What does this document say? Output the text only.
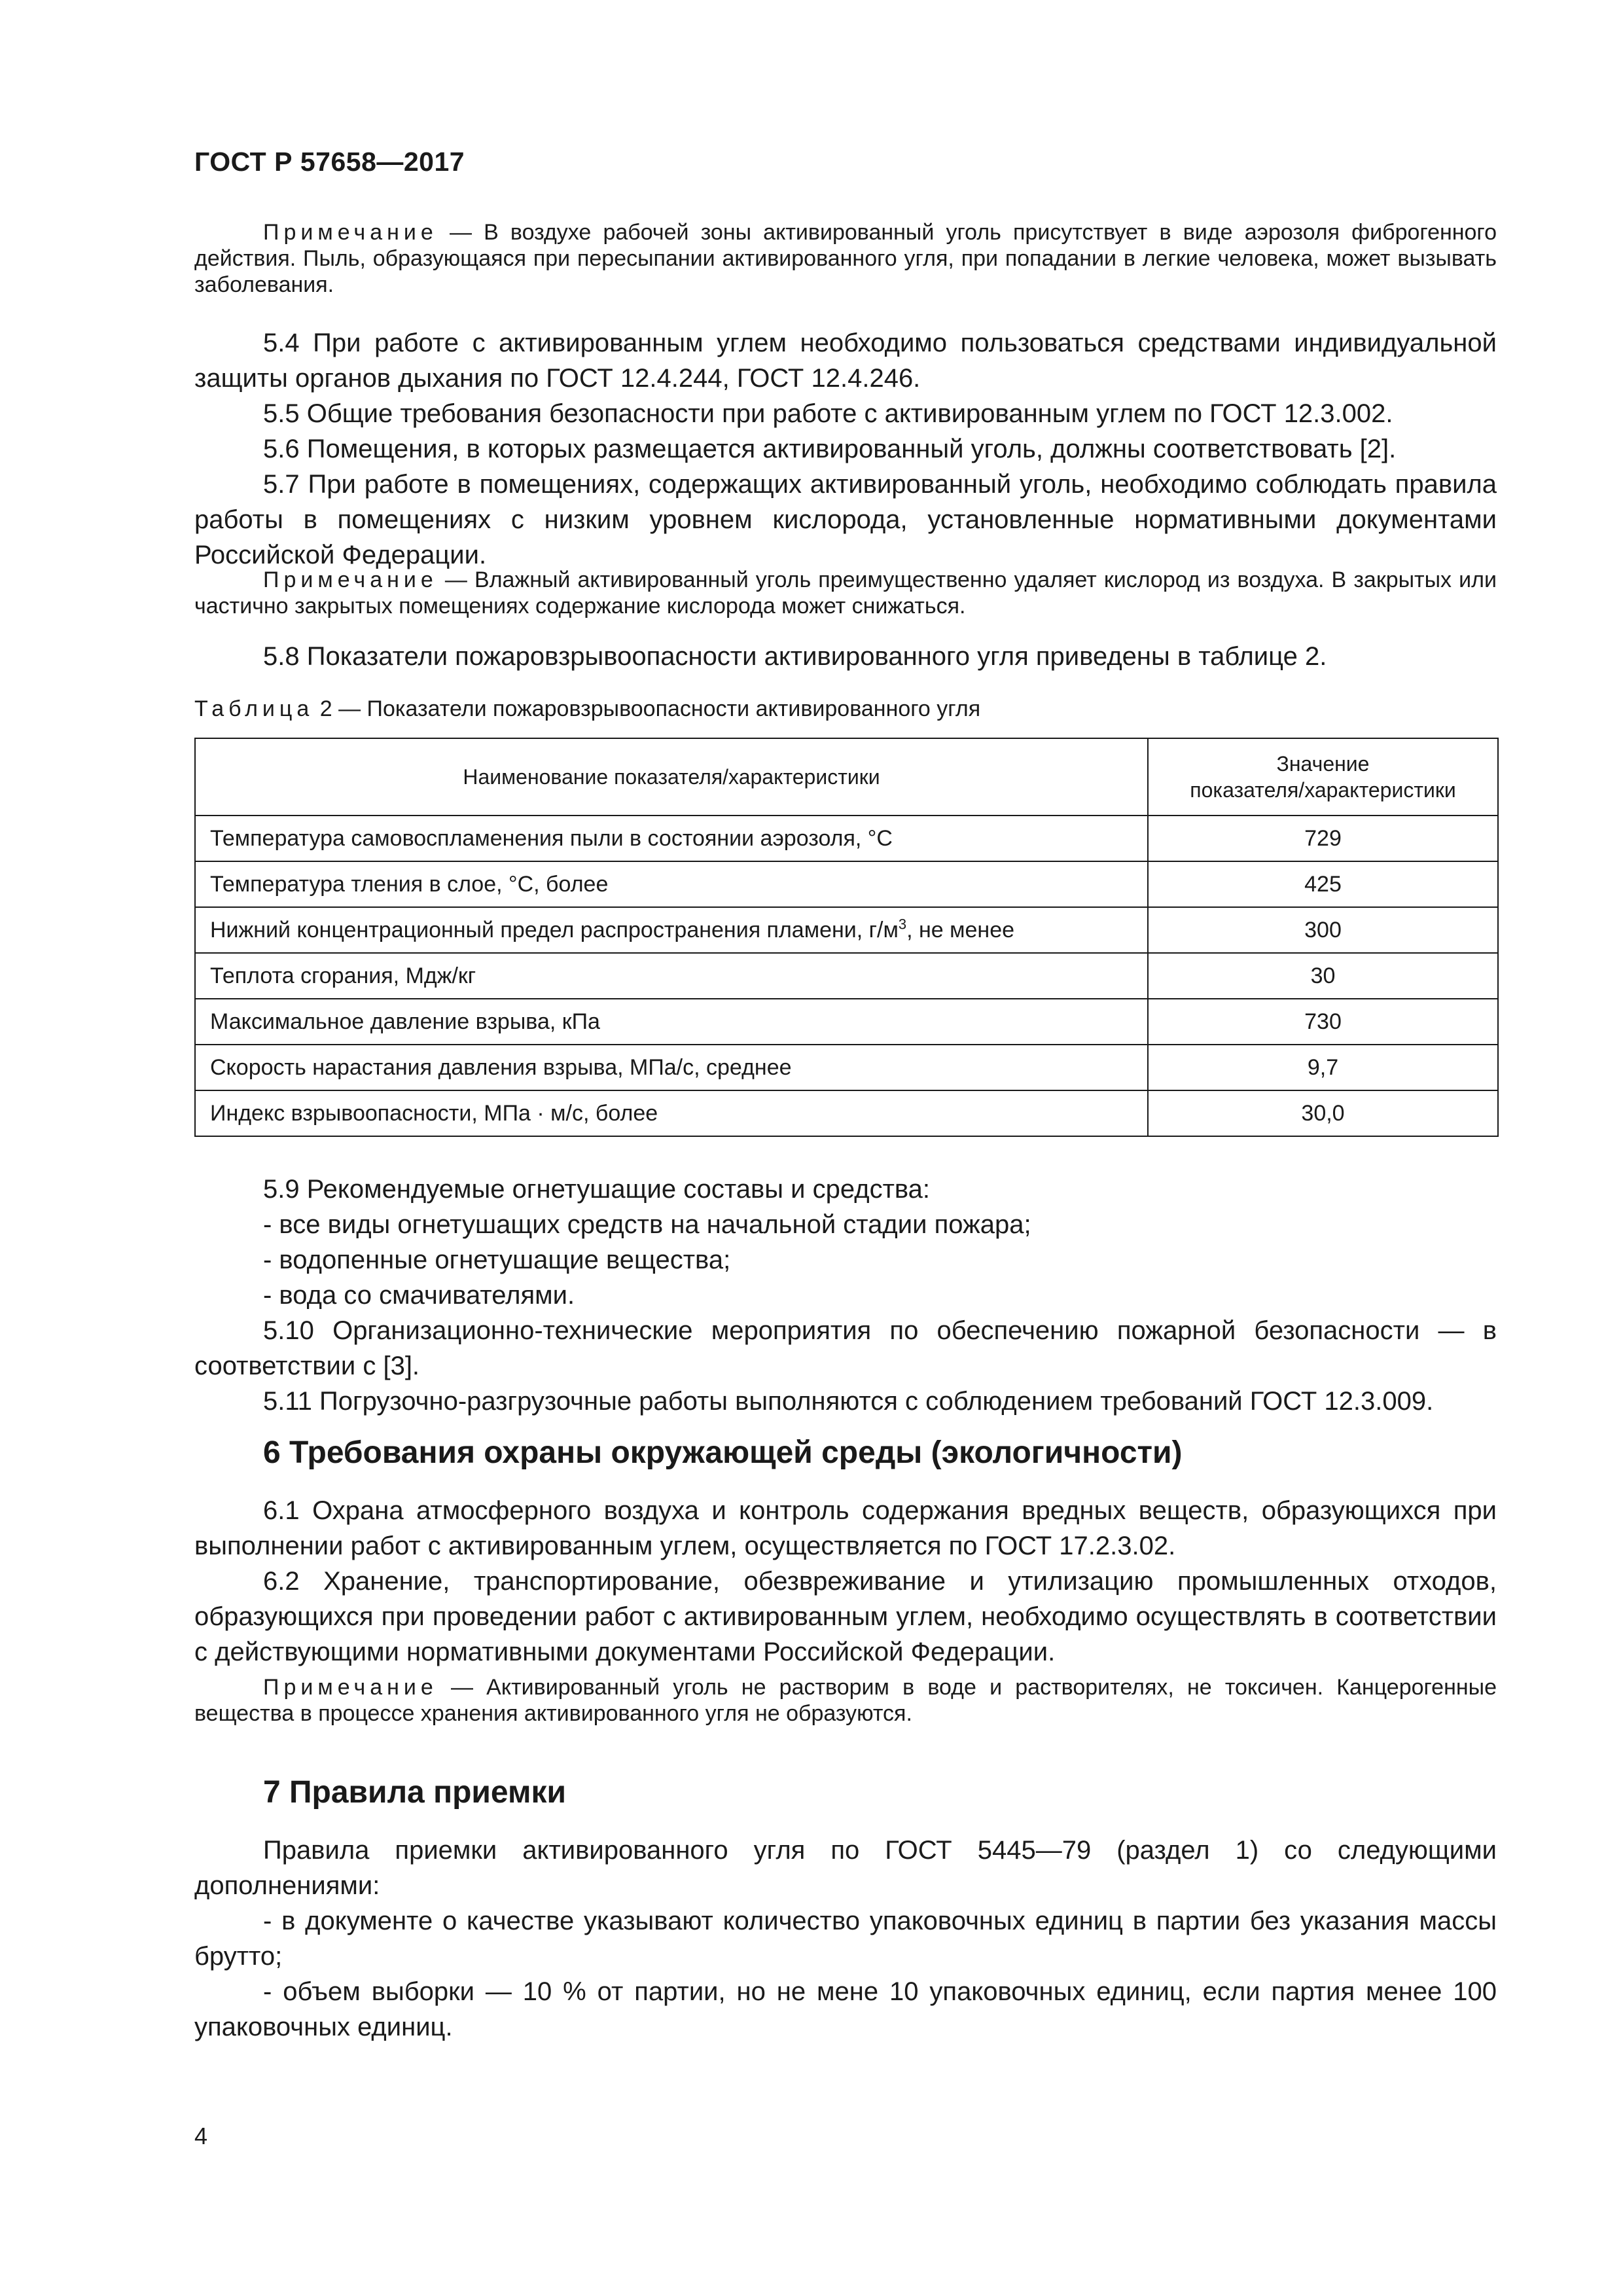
ГОСТ Р 57658—2017

Примечание — В воздухе рабочей зоны активированный уголь присутствует в виде аэрозоля фиброгенного действия. Пыль, образующаяся при пересыпании активированного угля, при попадании в легкие человека, может вызывать заболевания.

5.4 При работе с активированным углем необходимо пользоваться средствами индивидуальной защиты органов дыхания по ГОСТ 12.4.244, ГОСТ 12.4.246.

5.5 Общие требования безопасности при работе с активированным углем по ГОСТ 12.3.002.

5.6 Помещения, в которых размещается активированный уголь, должны соответствовать [2].

5.7 При работе в помещениях, содержащих активированный уголь, необходимо соблюдать правила работы в помещениях с низким уровнем кислорода, установленные нормативными документами Российской Федерации.

Примечание — Влажный активированный уголь преимущественно удаляет кислород из воздуха. В закрытых или частично закрытых помещениях содержание кислорода может снижаться.

5.8 Показатели пожаровзрывоопасности активированного угля приведены в таблице 2.

Таблица 2 — Показатели пожаровзрывоопасности активированного угля

Наименование показателя/характеристики	Значение
показателя/характеристики
Температура самовоспламенения пыли в состоянии аэрозоля, °С	729
Температура тления в слое, °С, более	425
Нижний концентрационный предел распространения пламени, $г/м^3$, не менее	300
Теплота сгорания, Мдж/кг	30
Максимальное давление взрыва, кПа	730
Скорость нарастания давления взрыва, МПа/с, среднее	9,7
Индекс взрывоопасности, МПа · м/с, более	30,0

5.9 Рекомендуемые огнетушащие составы и средства:

- все виды огнетушащих средств на начальной стадии пожара;

- водопенные огнетушащие вещества;

- вода со смачивателями.

5.10 Организационно-технические мероприятия по обеспечению пожарной безопасности — в соответствии с [3].

5.11 Погрузочно-разгрузочные работы выполняются с соблюдением требований ГОСТ 12.3.009.

6 Требования охраны окружающей среды (экологичности)

6.1 Охрана атмосферного воздуха и контроль содержания вредных веществ, образующихся при выполнении работ с активированным углем, осуществляется по ГОСТ 17.2.3.02.

6.2 Хранение, транспортирование, обезвреживание и утилизацию промышленных отходов, образующихся при проведении работ с активированным углем, необходимо осуществлять в соответствии с действующими нормативными документами Российской Федерации.

Примечание — Активированный уголь не растворим в воде и растворителях, не токсичен. Канцерогенные вещества в процессе хранения активированного угля не образуются.

7 Правила приемки

Правила приемки активированного угля по ГОСТ 5445—79 (раздел 1) со следующими дополнениями:

- в документе о качестве указывают количество упаковочных единиц в партии без указания массы брутто;

- объем выборки — 10 % от партии, но не мене 10 упаковочных единиц, если партия менее 100 упаковочных единиц.

4
